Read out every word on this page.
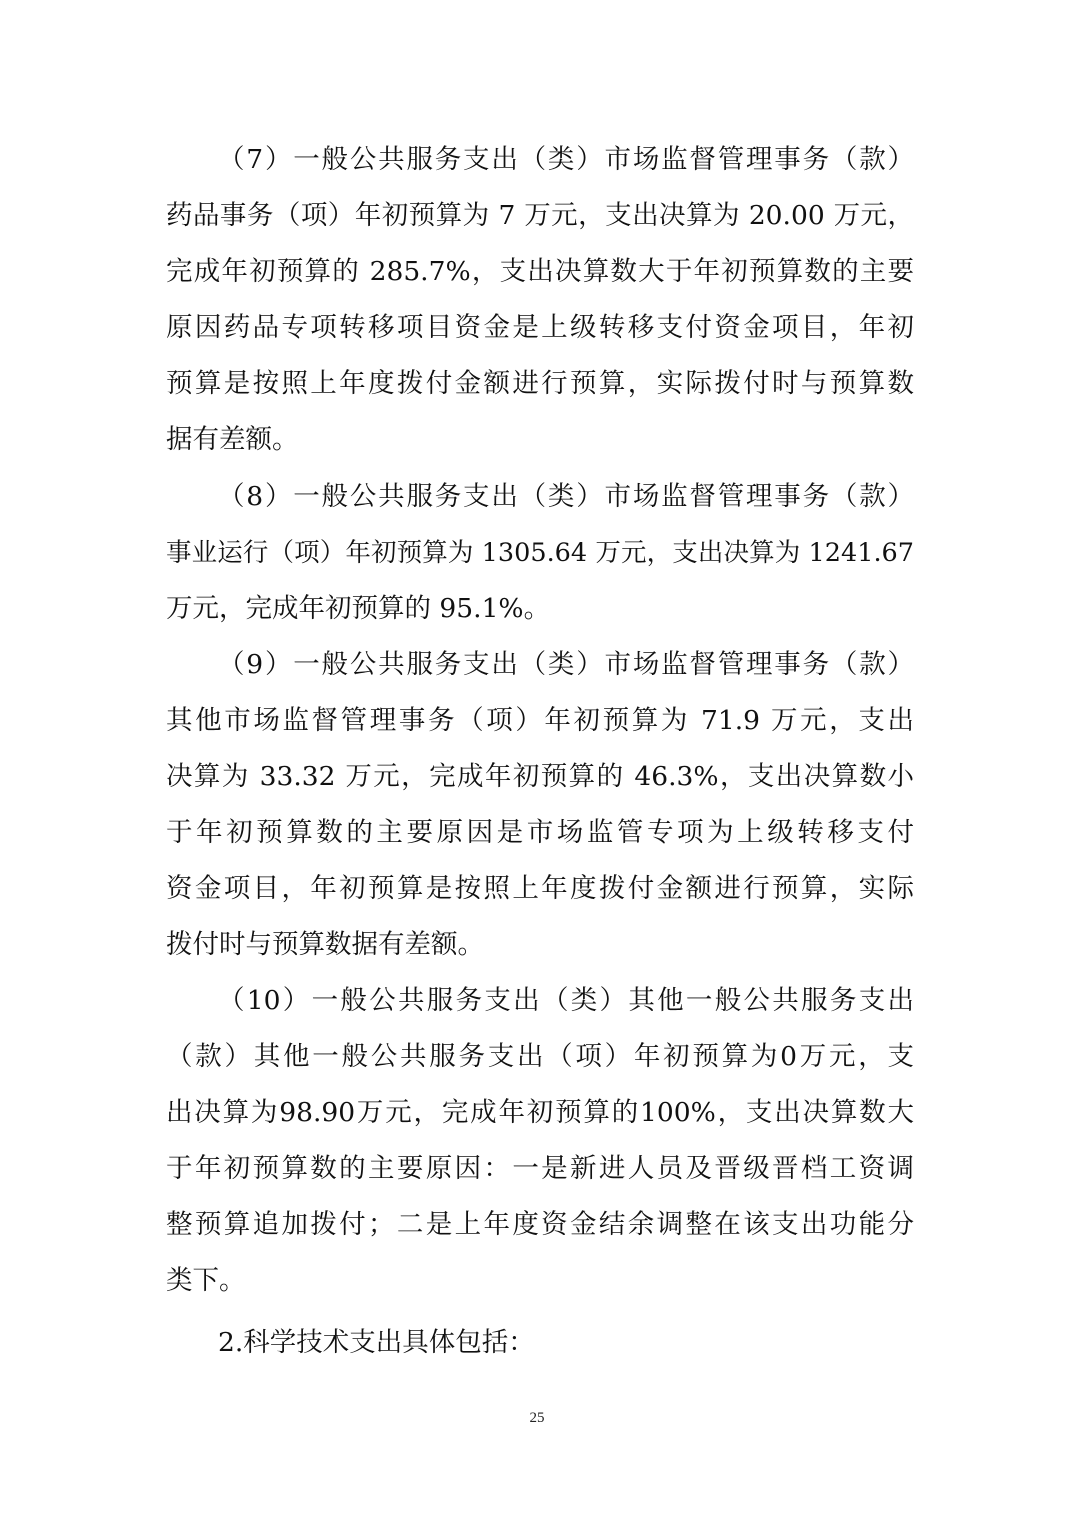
（7）一般公共服务支出（类）市场监督管理事务（款）
药品事务（项）年初预算为 7 万元，支出决算为 20.00 万元，
完成年初预算的 285.7%，支出决算数大于年初预算数的主要
原因药品专项转移项目资金是上级转移支付资金项目，年初
预算是按照上年度拨付金额进行预算，实际拨付时与预算数
据有差额。
（8）一般公共服务支出（类）市场监督管理事务（款）
事业运行（项）年初预算为 1305.64 万元，支出决算为 1241.67
万元，完成年初预算的 95.1%。
（9）一般公共服务支出（类）市场监督管理事务（款）
其他市场监督管理事务（项）年初预算为 71.9 万元，支出
决算为 33.32 万元，完成年初预算的 46.3%，支出决算数小
于年初预算数的主要原因是市场监管专项为上级转移支付
资金项目，年初预算是按照上年度拨付金额进行预算，实际
拨付时与预算数据有差额。
（10）一般公共服务支出（类）其他一般公共服务支出
（款）其他一般公共服务支出（项）年初预算为0万元，支
出决算为98.90万元，完成年初预算的100%，支出决算数大
于年初预算数的主要原因：一是新进人员及晋级晋档工资调
整预算追加拨付；二是上年度资金结余调整在该支出功能分
类下。
2.科学技术支出具体包括：
25
